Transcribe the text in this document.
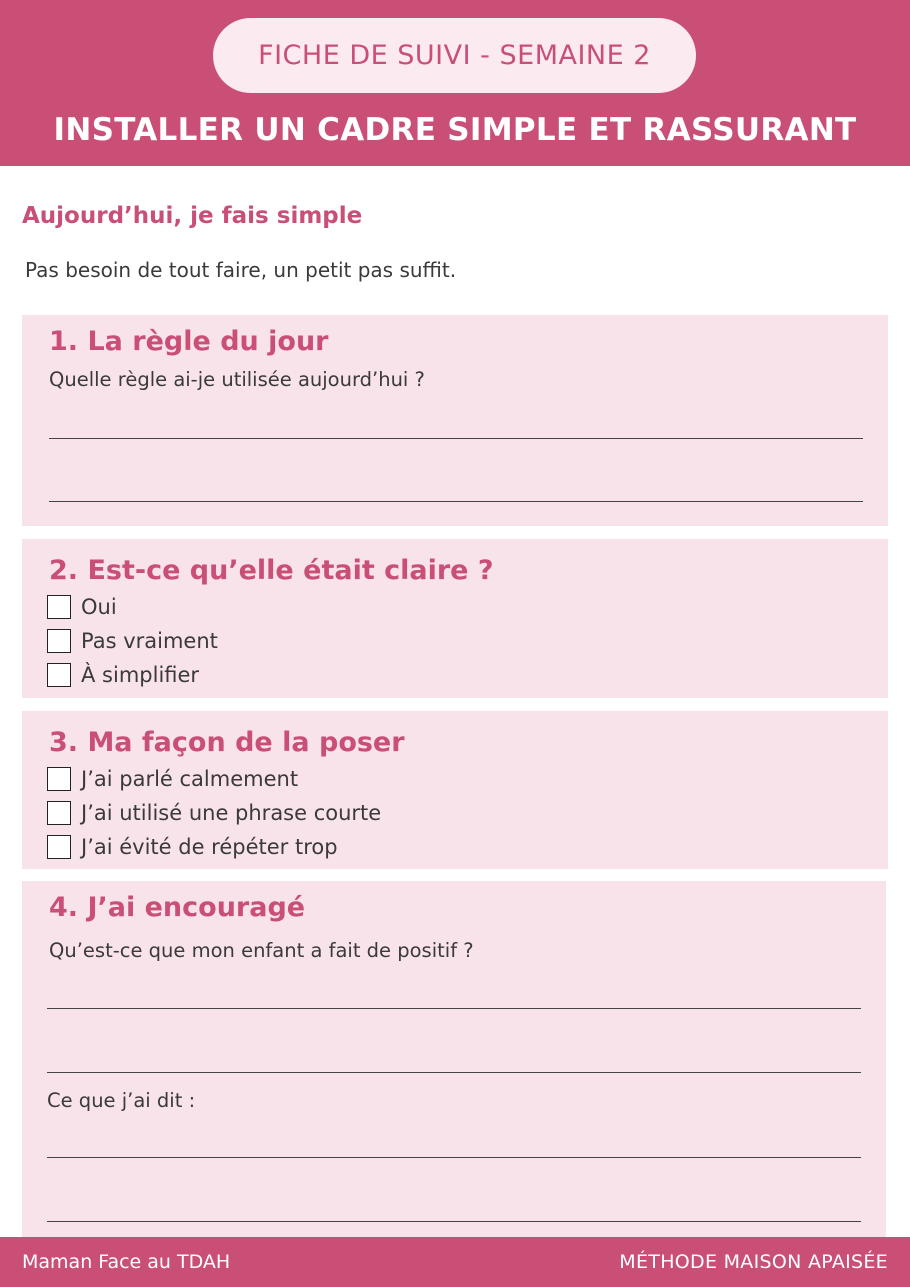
FICHE DE SUIVI - SEMAINE 2
INSTALLER UN CADRE SIMPLE ET RASSURANT
Aujourd’hui, je fais simple
Pas besoin de tout faire, un petit pas suffit.
1. La règle du jour
Quelle règle ai-je utilisée aujourd’hui ?
2. Est-ce qu’elle était claire ?
Oui
Pas vraiment
À simplifier
3. Ma façon de la poser
J’ai parlé calmement
J’ai utilisé une phrase courte
J’ai évité de répéter trop
4. J’ai encouragé
Qu’est-ce que mon enfant a fait de positif ?
Ce que j’ai dit :
Maman Face au TDAH	MÉTHODE MAISON APAISÉE
